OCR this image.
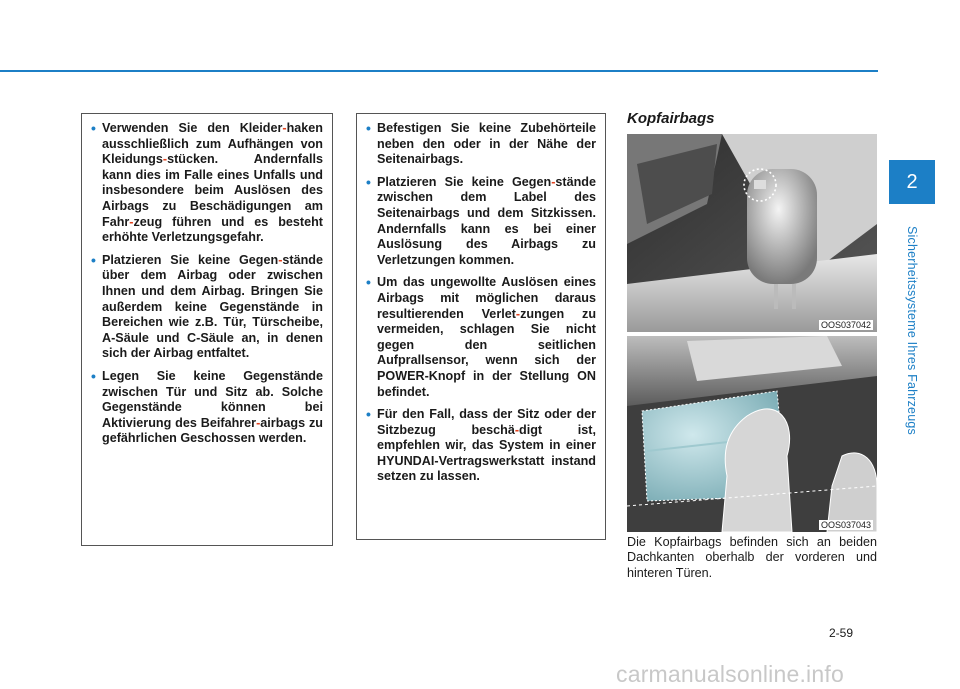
2
Sicherheitssysteme Ihres Fahrzeugs
• Verwenden Sie den Kleider-haken ausschließlich zum Aufhängen von Kleidungs-stücken. Andernfalls kann dies im Falle eines Unfalls und insbesondere beim Auslösen des Airbags zu Beschädigungen am Fahr-zeug führen und es besteht erhöhte Verletzungsgefahr.
• Platzieren Sie keine Gegen-stände über dem Airbag oder zwischen Ihnen und dem Airbag. Bringen Sie außerdem keine Gegenstände in Bereichen wie z.B. Tür, Türscheibe, A-Säule und C-Säule an, in denen sich der Airbag entfaltet.
• Legen Sie keine Gegenstände zwischen Tür und Sitz ab. Solche Gegenstände können bei Aktivierung des Beifahrer-airbags zu gefährlichen Geschossen werden.
• Befestigen Sie keine Zubehörteile neben den oder in der Nähe der Seitenairbags.
• Platzieren Sie keine Gegen-stände zwischen dem Label des Seitenairbags und dem Sitzkissen. Andernfalls kann es bei einer Auslösung des Airbags zu Verletzungen kommen.
• Um das ungewollte Auslösen eines Airbags mit möglichen daraus resultierenden Verlet-zungen zu vermeiden, schlagen Sie nicht gegen den seitlichen Aufprallsensor, wenn sich der POWER-Knopf in der Stellung ON befindet.
• Für den Fall, dass der Sitz oder der Sitzbezug beschä-digt ist, empfehlen wir, das System in einer HYUNDAI-Vertragswerkstatt instand setzen zu lassen.
Kopfairbags
OOS037042
OOS037043

Die Kopfairbags befinden sich an beiden Dachkanten oberhalb der vorderen und hinteren Türen.

2-59
carmanualsonline.info
